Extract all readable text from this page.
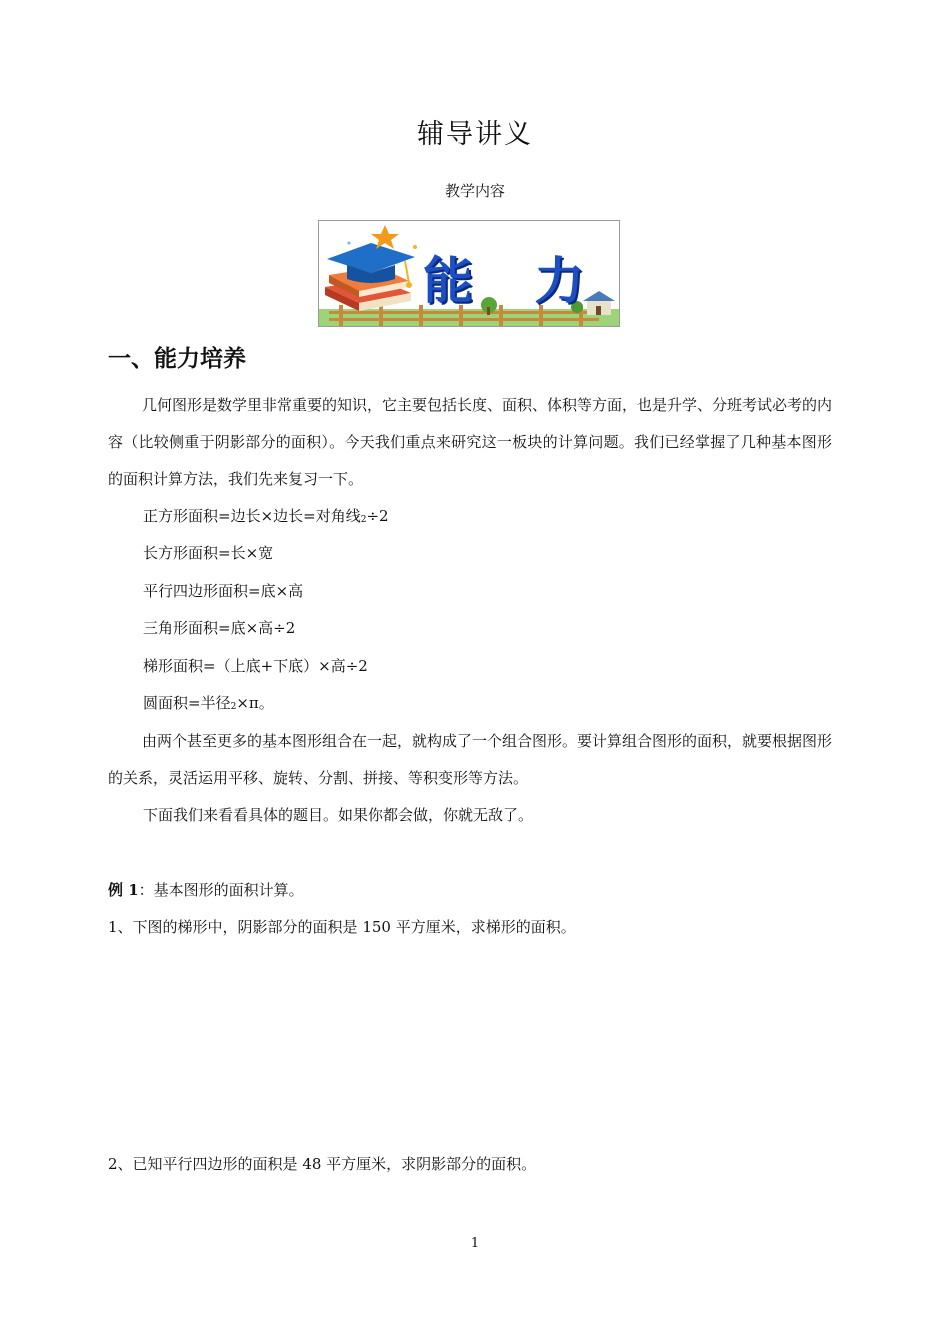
辅导讲义
教学内容
能 力
一、能力培养
几何图形是数学里非常重要的知识，它主要包括长度、面积、体积等方面，也是升学、分班考试必考的内容（比较侧重于阴影部分的面积）。今天我们重点来研究这一板块的计算问题。我们已经掌握了几种基本图形的面积计算方法，我们先来复习一下。
正方形面积=边长×边长=对角线2÷2
长方形面积=长×宽
平行四边形面积=底×高
三角形面积=底×高÷2
梯形面积=（上底+下底）×高÷2
圆面积=半径2×π。
由两个甚至更多的基本图形组合在一起，就构成了一个组合图形。要计算组合图形的面积，就要根据图形的关系，灵活运用平移、旋转、分割、拼接、等积变形等方法。
下面我们来看看具体的题目。如果你都会做，你就无敌了。
例 1：基本图形的面积计算。
1、下图的梯形中，阴影部分的面积是 150 平方厘米，求梯形的面积。
2、已知平行四边形的面积是 48 平方厘米，求阴影部分的面积。
1
